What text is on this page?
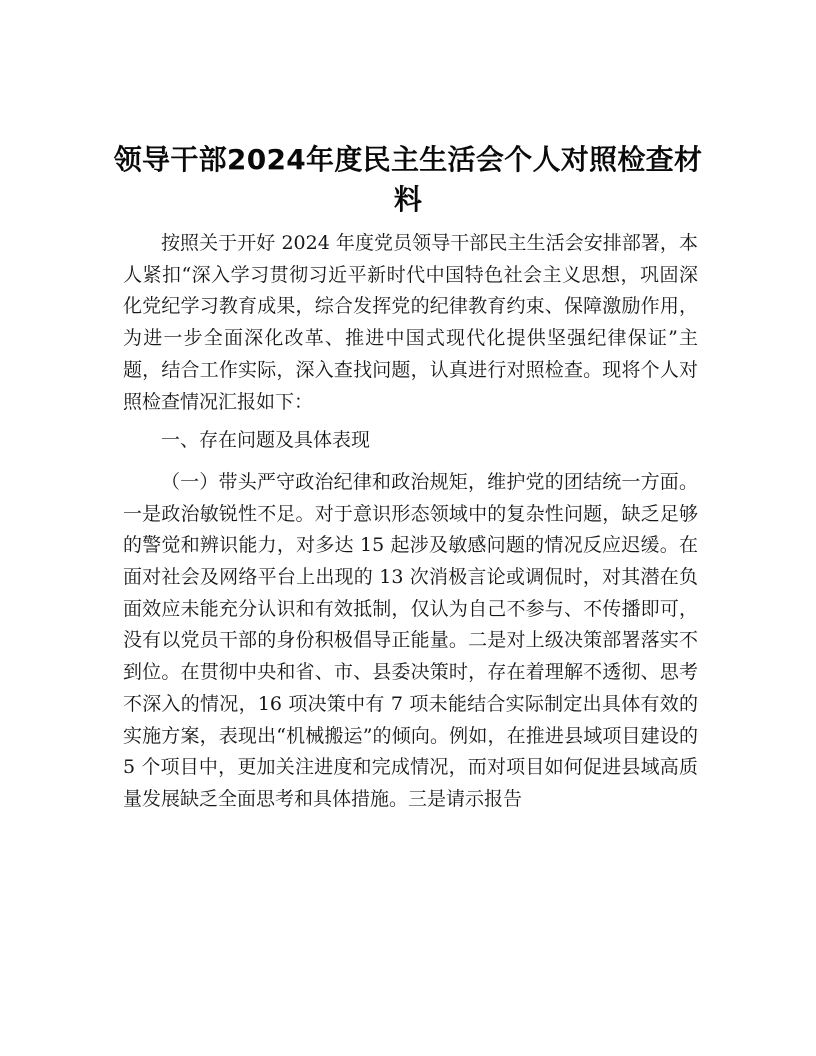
领导干部2024年度民主生活会个人对照检查材料

按照关于开好 2024 年度党员领导干部民主生活会安排部署，本人紧扣“深入学习贯彻习近平新时代中国特色社会主义思想，巩固深化党纪学习教育成果，综合发挥党的纪律教育约束、保障激励作用，为进一步全面深化改革、推进中国式现代化提供坚强纪律保证”主题，结合工作实际，深入查找问题，认真进行对照检查。现将个人对照检查情况汇报如下：

一、存在问题及具体表现

（一）带头严守政治纪律和政治规矩，维护党的团结统一方面。一是政治敏锐性不足。对于意识形态领域中的复杂性问题，缺乏足够的警觉和辨识能力，对多达 15 起涉及敏感问题的情况反应迟缓。在面对社会及网络平台上出现的 13 次消极言论或调侃时，对其潜在负面效应未能充分认识和有效抵制，仅认为自己不参与、不传播即可，没有以党员干部的身份积极倡导正能量。二是对上级决策部署落实不到位。在贯彻中央和省、市、县委决策时，存在着理解不透彻、思考不深入的情况，16 项决策中有 7 项未能结合实际制定出具体有效的实施方案，表现出“机械搬运”的倾向。例如，在推进县域项目建设的 5 个项目中，更加关注进度和完成情况，而对项目如何促进县域高质量发展缺乏全面思考和具体措施。三是请示报告
